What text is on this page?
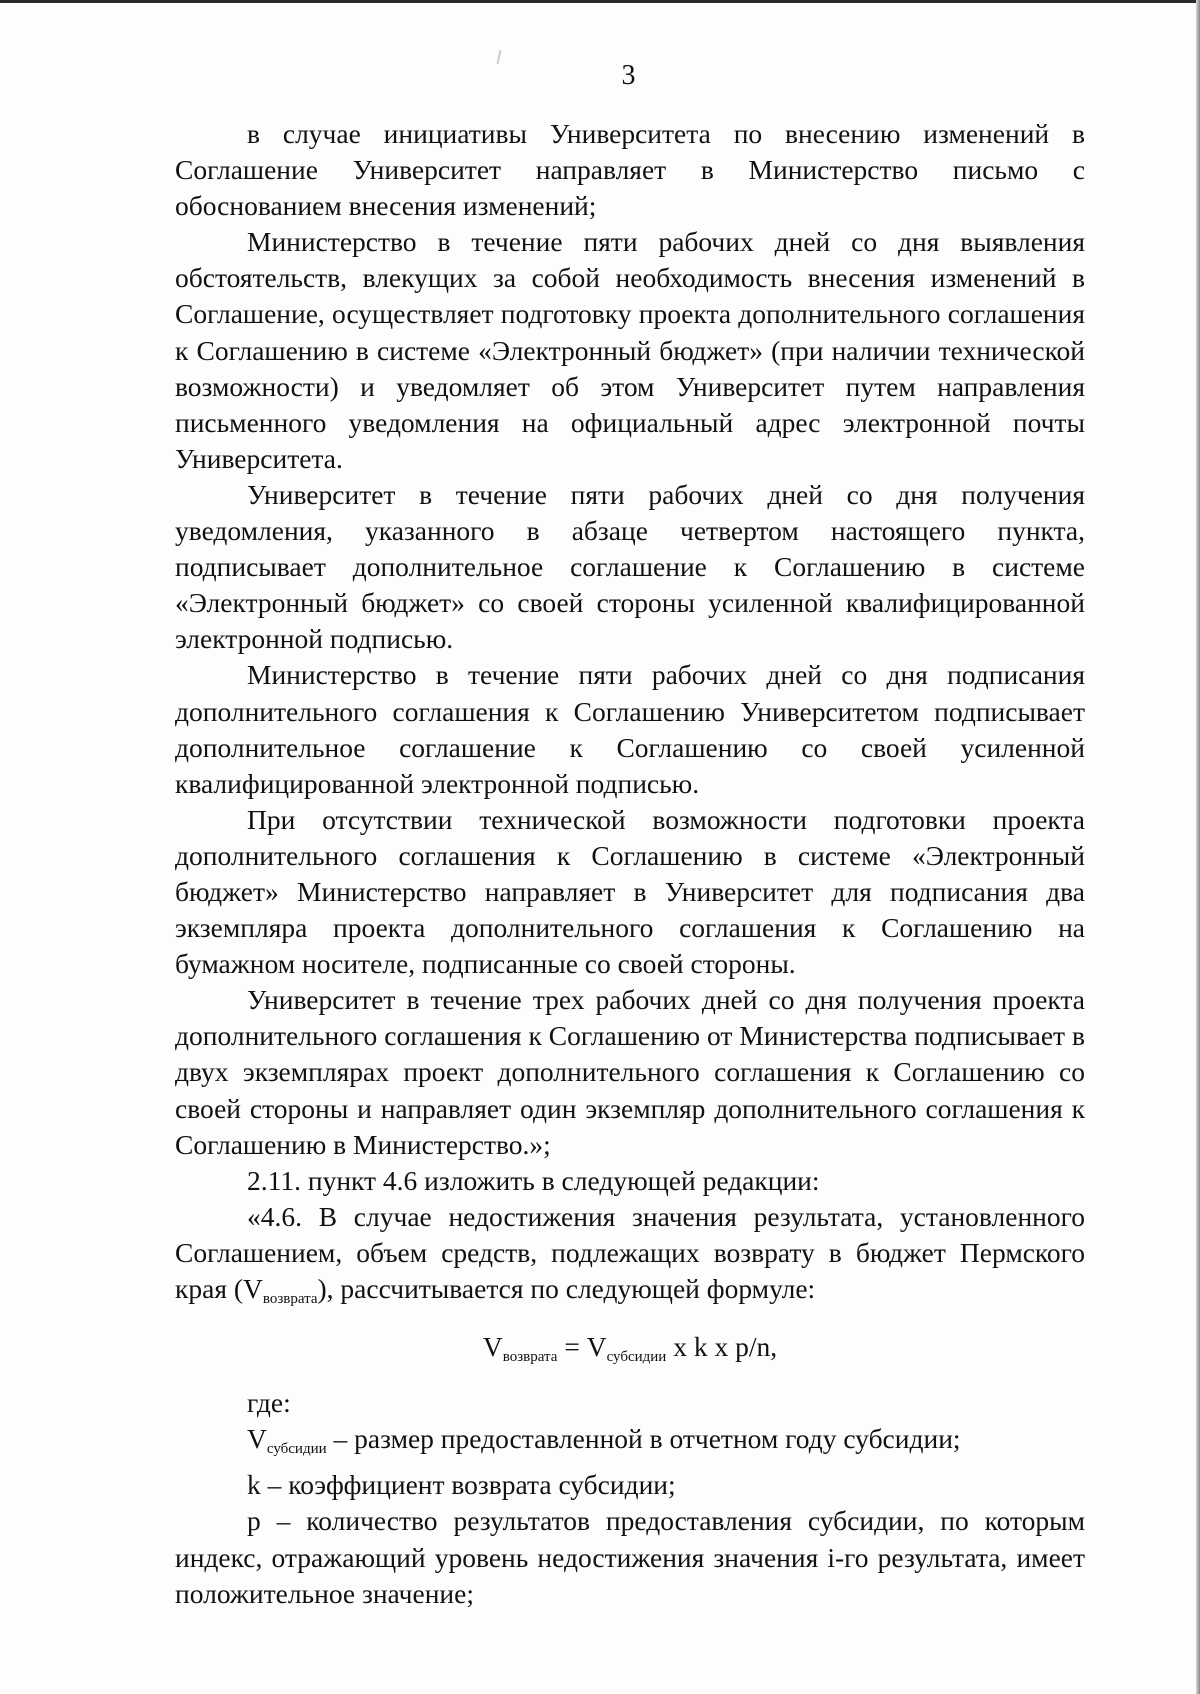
3

в случае инициативы Университета по внесению изменений в Соглашение Университет направляет в Министерство письмо с обоснованием внесения изменений;

Министерство в течение пяти рабочих дней со дня выявления обстоятельств, влекущих за собой необходимость внесения изменений в Соглашение, осуществляет подготовку проекта дополнительного соглашения к Соглашению в системе «Электронный бюджет» (при наличии технической возможности) и уведомляет об этом Университет путем направления письменного уведомления на официальный адрес электронной почты Университета.

Университет в течение пяти рабочих дней со дня получения уведомления, указанного в абзаце четвертом настоящего пункта, подписывает дополнительное соглашение к Соглашению в системе «Электронный бюджет» со своей стороны усиленной квалифицированной электронной подписью.

Министерство в течение пяти рабочих дней со дня подписания дополнительного соглашения к Соглашению Университетом подписывает дополнительное соглашение к Соглашению со своей усиленной квалифицированной электронной подписью.

При отсутствии технической возможности подготовки проекта дополнительного соглашения к Соглашению в системе «Электронный бюджет» Министерство направляет в Университет для подписания два экземпляра проекта дополнительного соглашения к Соглашению на бумажном носителе, подписанные со своей стороны.

Университет в течение трех рабочих дней со дня получения проекта дополнительного соглашения к Соглашению от Министерства подписывает в двух экземплярах проект дополнительного соглашения к Соглашению со своей стороны и направляет один экземпляр дополнительного соглашения к Соглашению в Министерство.»;

2.11. пункт 4.6 изложить в следующей редакции:

«4.6. В случае недостижения значения результата, установленного Соглашением, объем средств, подлежащих возврату в бюджет Пермского края $(V_{возврата})$, рассчитывается по следующей формуле:

$V_{возврата} = V_{субсидии}$ x k x p/n,

где:

$V_{субсидии}$ – размер предоставленной в отчетном году субсидии;

k – коэффициент возврата субсидии;

p – количество результатов предоставления субсидии, по которым индекс, отражающий уровень недостижения значения i-го результата, имеет положительное значение;
